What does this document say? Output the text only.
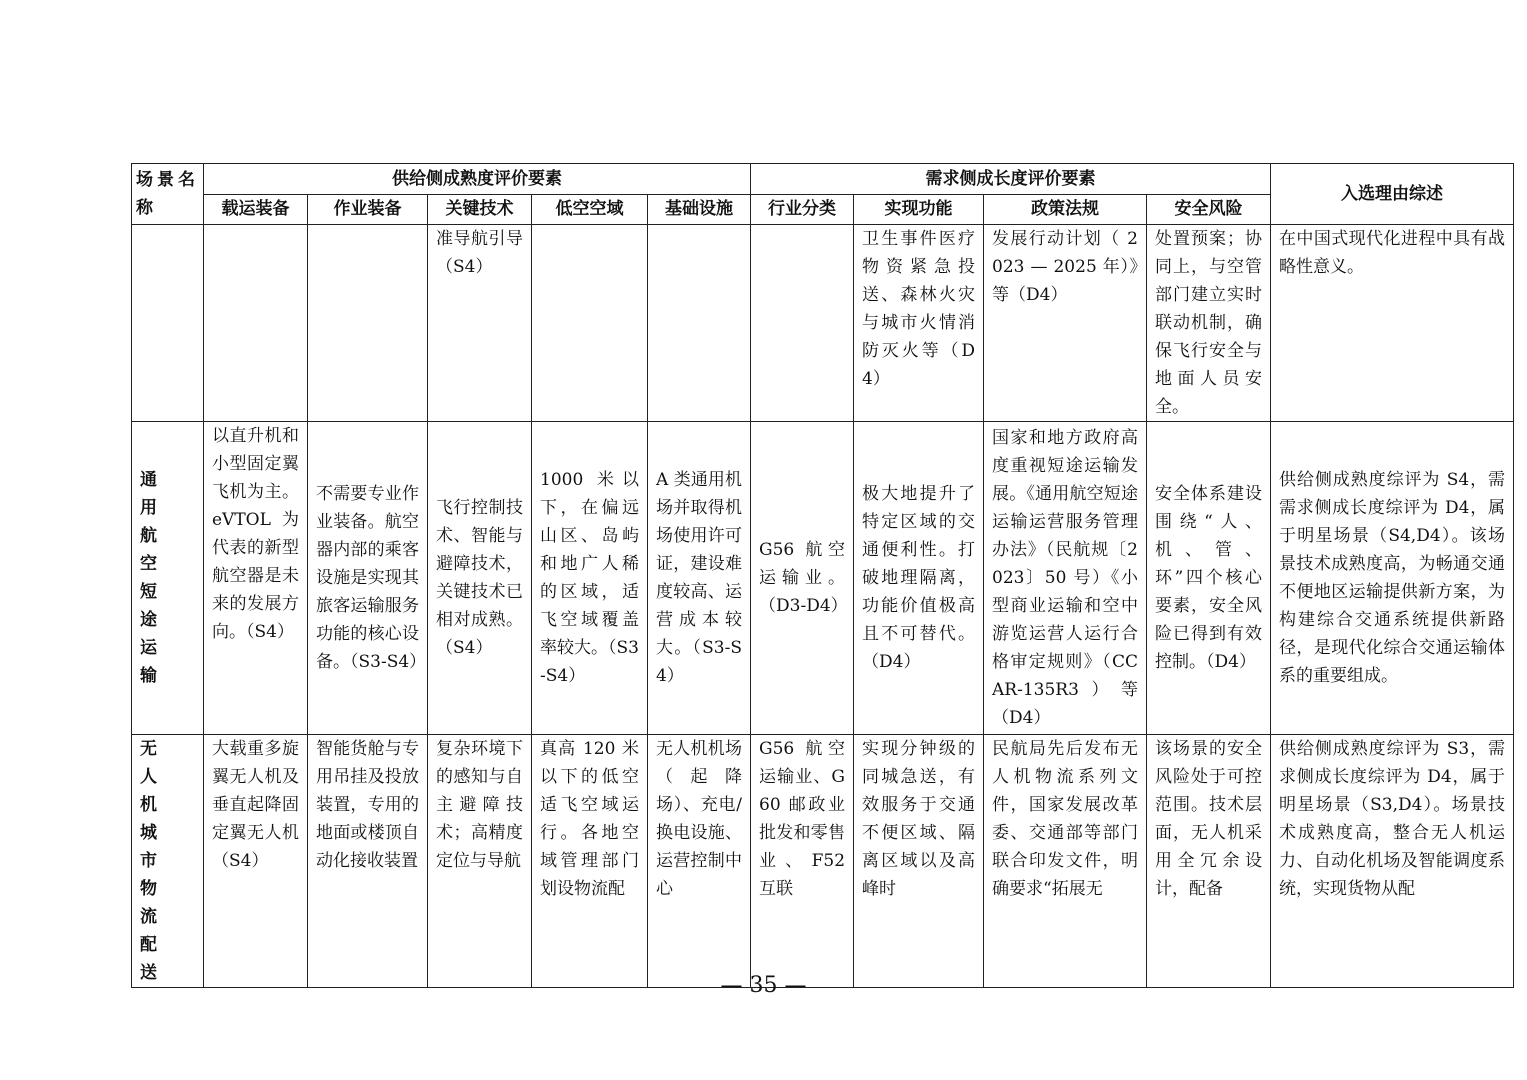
场景名称	供给侧成熟度评价要素					需求侧成长度评价要素				入选理由综述
	载运装备	作业装备	关键技术	低空空域	基础设施	行业分类	实现功能	政策法规	安全风险	
			准导航引导（S4）				卫生事件医疗物资紧急投送、森林火灾与城市火情消防灭火等（D4）	发展行动计划（ 2023 — 2025 年）》等（D4）	处置预案；协同上，与空管部门建立实时联动机制，确保飞行安全与地面人员安全。	在中国式现代化进程中具有战略性意义。
通用航空短途运输	以直升机和小型固定翼飞机为主。eVTOL 为代表的新型航空器是未来的发展方向。（S4）	不需要专业作业装备。航空器内部的乘客设施是实现其旅客运输服务功能的核心设备。（S3-S4）	飞行控制技术、智能与避障技术，关键技术已相对成熟。（S4）	1000 米以下，在偏远山区、岛屿和地广人稀的区域，适飞空域覆盖率较大。（S3-S4）	A 类通用机场并取得机场使用许可证，建设难度较高、运营成本较大。（S3-S4）	G56 航空运输业。（D3-D4）	极大地提升了特定区域的交通便利性。打破地理隔离，功能价值极高且不可替代。（D4）	国家和地方政府高度重视短途运输发展。《通用航空短途运输运营服务管理办法》（民航规〔2023〕50 号）《小型商业运输和空中游览运营人运行合格审定规则》（CCAR-135R3）等（D4）	安全体系建设围绕“人、机、管、环”四个核心要素，安全风险已得到有效控制。（D4）	供给侧成熟度综评为 S4，需需求侧成长度综评为 D4，属于明星场景（S4,D4）。该场景技术成熟度高，为畅通交通不便地区运输提供新方案，为构建综合交通系统提供新路径，是现代化综合交通运输体系的重要组成。
无人机城市物流配送	大载重多旋翼无人机及垂直起降固定翼无人机（S4）	智能货舱与专用吊挂及投放装置，专用的地面或楼顶自动化接收装置	复杂环境下的感知与自主避障技术；高精度定位与导航	真高 120 米以下的低空适飞空域运行。各地空域管理部门划设物流配	无人机机场（起降场）、充电/换电设施、运营控制中心	G56 航空运输业、G60 邮政业批发和零售业、F52 互联	实现分钟级的同城急送，有效服务于交通不便区域、隔离区域以及高峰时	民航局先后发布无人机物流系列文件，国家发展改革委、交通部等部门联合印发文件，明确要求“拓展无	该场景的安全风险处于可控范围。技术层面，无人机采用全冗余设计，配备	供给侧成熟度综评为 S3，需求侧成长度综评为 D4，属于明星场景（S3,D4）。场景技术成熟度高，整合无人机运力、自动化机场及智能调度系统，实现货物从配
— 35 —
